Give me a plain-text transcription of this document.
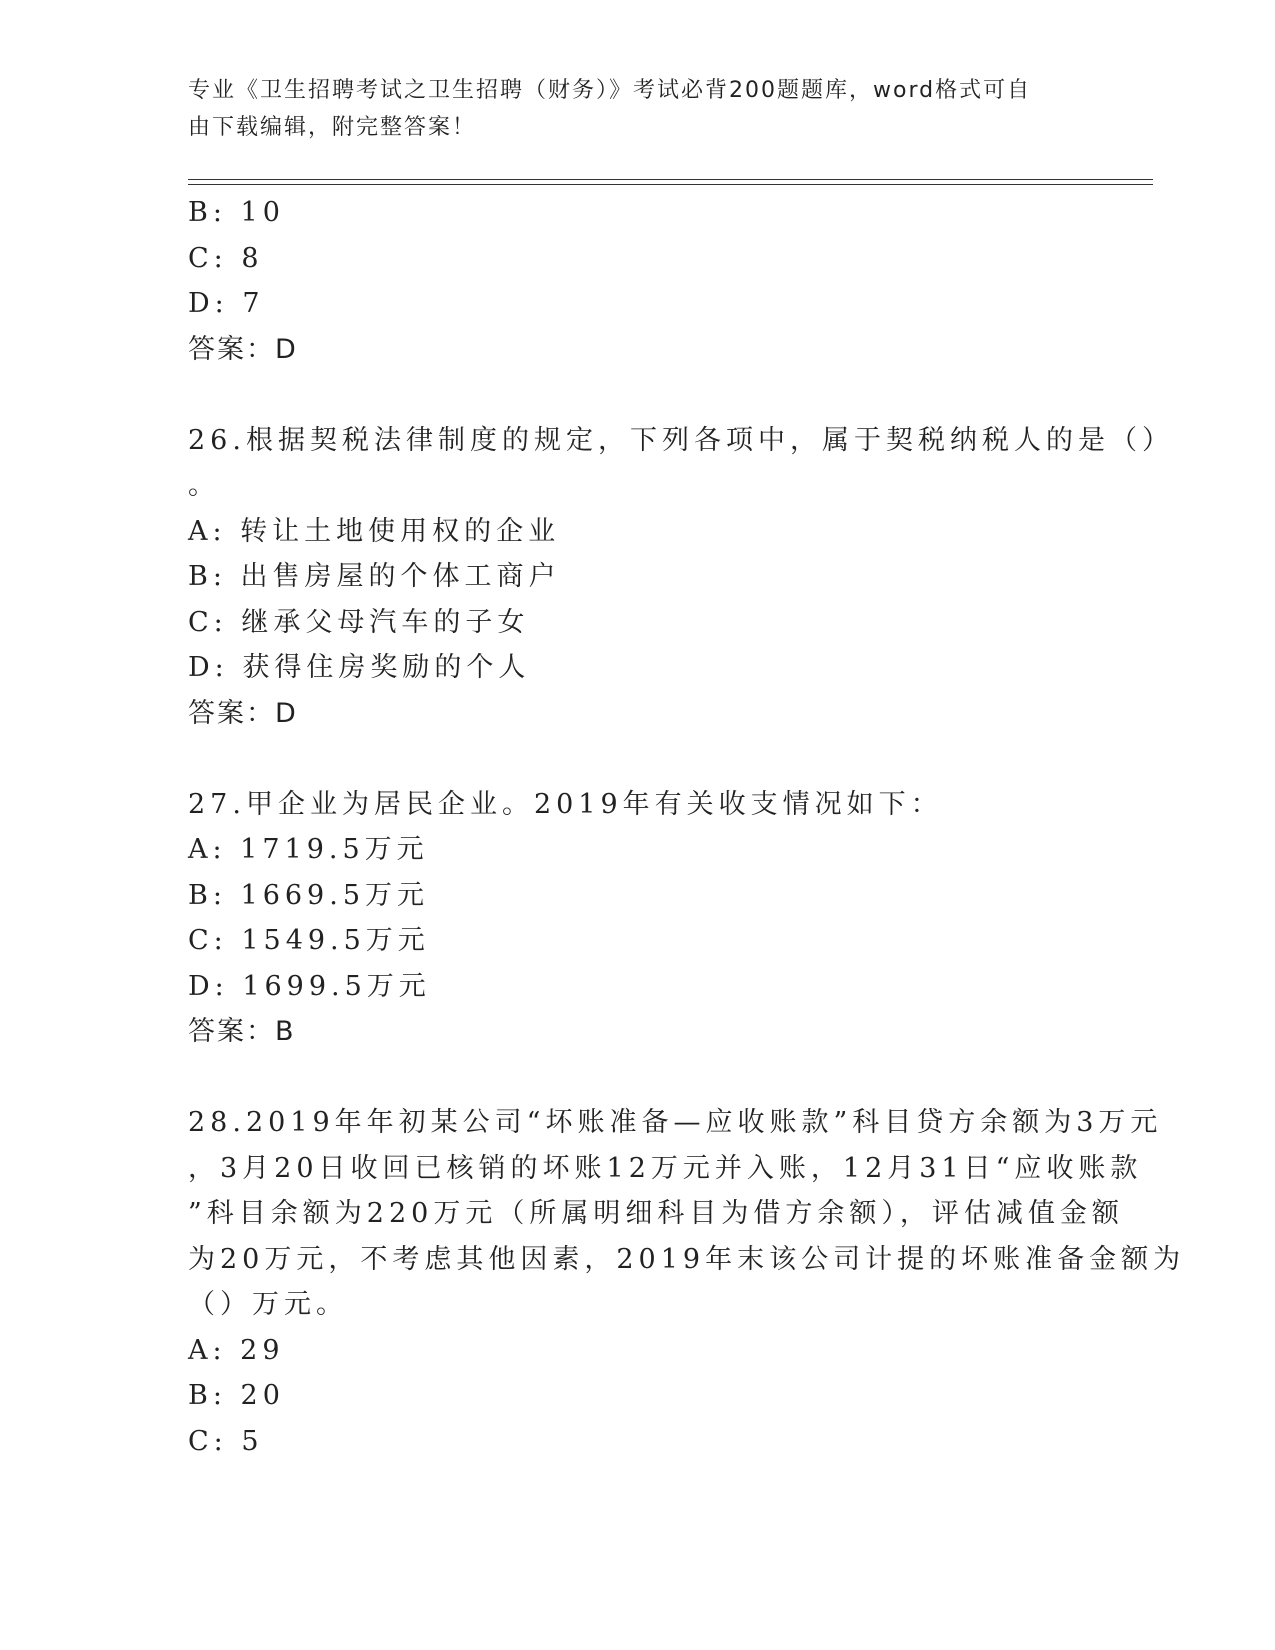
专业《卫生招聘考试之卫生招聘（财务）》考试必背200题题库，word格式可自
由下载编辑，附完整答案！
B: 10
C: 8
D: 7
答案：D
26.根据契税法律制度的规定，下列各项中，属于契税纳税人的是（）
。
A: 转让土地使用权的企业
B: 出售房屋的个体工商户
C: 继承父母汽车的子女
D: 获得住房奖励的个人
答案：D
27.甲企业为居民企业。2019年有关收支情况如下：
A: 1719.5万元
B: 1669.5万元
C: 1549.5万元
D: 1699.5万元
答案：B
28.2019年年初某公司“坏账准备—应收账款”科目贷方余额为3万元
，3月20日收回已核销的坏账12万元并入账，12月31日“应收账款
”科目余额为220万元（所属明细科目为借方余额），评估减值金额
为20万元，不考虑其他因素，2019年末该公司计提的坏账准备金额为
（）万元。
A: 29
B: 20
C: 5
